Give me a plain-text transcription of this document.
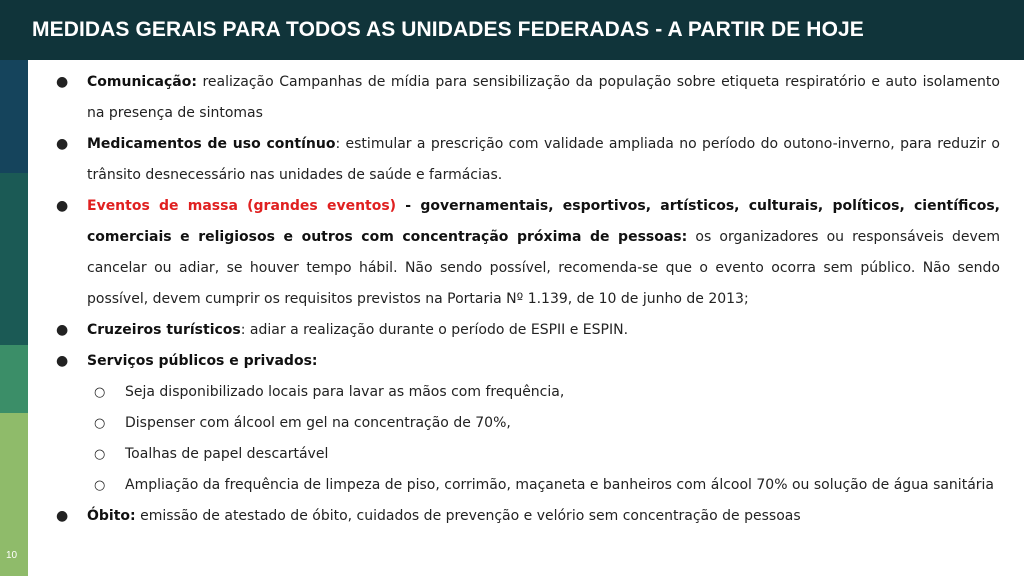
MEDIDAS GERAIS PARA TODOS AS UNIDADES FEDERADAS - A PARTIR DE HOJE
10
● Comunicação: realização Campanhas de mídia para sensibilização da população sobre etiqueta respiratório e auto isolamento na presença de sintomas
● Medicamentos de uso contínuo: estimular a prescrição com validade ampliada no período do outono-inverno, para reduzir o trânsito desnecessário nas unidades de saúde e farmácias.
● Eventos de massa (grandes eventos) - governamentais, esportivos, artísticos, culturais, políticos, científicos, comerciais e religiosos e outros com concentração próxima de pessoas: os organizadores ou responsáveis devem cancelar ou adiar, se houver tempo hábil. Não sendo possível, recomenda-se que o evento ocorra sem público. Não sendo possível, devem cumprir os requisitos previstos na Portaria Nº 1.139, de 10 de junho de 2013;
● Cruzeiros turísticos: adiar a realização durante o período de ESPII e ESPIN.
● Serviços públicos e privados:
○ Seja disponibilizado locais para lavar as mãos com frequência,
○ Dispenser com álcool em gel na concentração de 70%,
○ Toalhas de papel descartável
○ Ampliação da frequência de limpeza de piso, corrimão, maçaneta e banheiros com álcool 70% ou solução de água sanitária
● Óbito: emissão de atestado de óbito, cuidados de prevenção e velório sem concentração de pessoas
